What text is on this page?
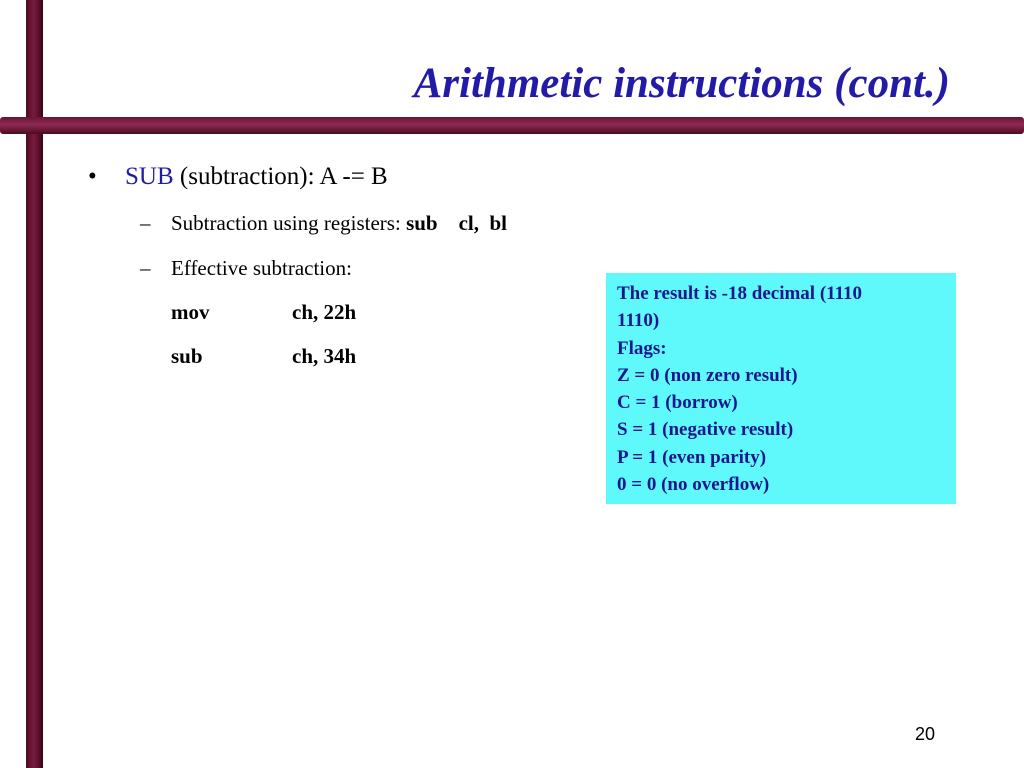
Arithmetic instructions (cont.)
• SUB (subtraction): A -= B
– Subtraction using registers: sub    cl,  bl
– Effective subtraction:
mov	ch, 22h
sub	ch, 34h
The result is -18 decimal (1110
1110)
Flags:
Z = 0 (non zero result)
C = 1 (borrow)
S = 1 (negative result)
P = 1 (even parity)
0 = 0 (no overflow)
20
